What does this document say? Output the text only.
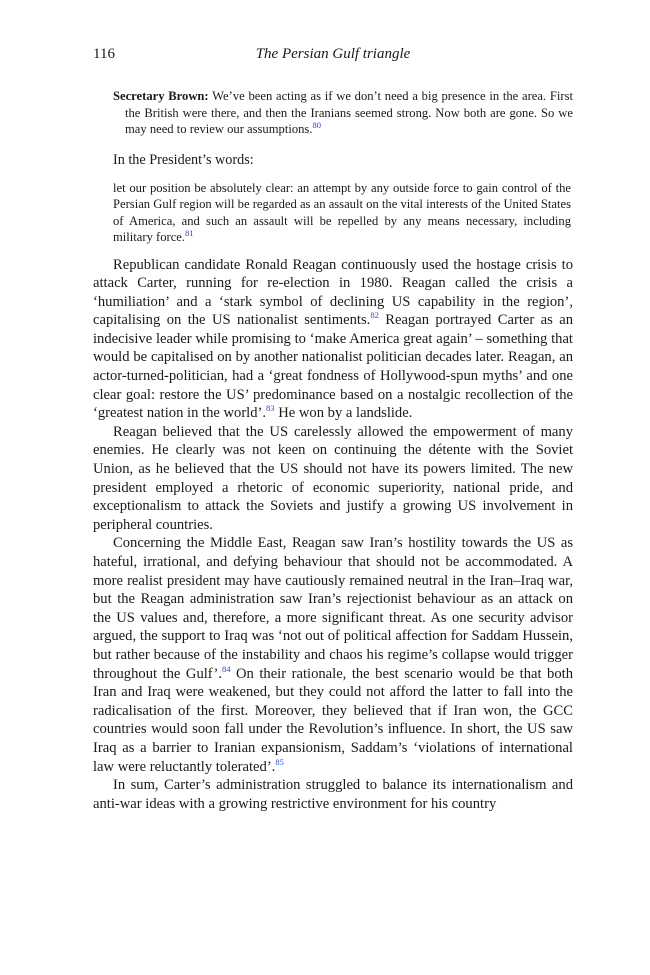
116	The Persian Gulf triangle
Secretary Brown: We’ve been acting as if we don’t need a big presence in the area. First the British were there, and then the Iranians seemed strong. Now both are gone. So we may need to review our assumptions.$^{80}$
In the President’s words:
let our position be absolutely clear: an attempt by any outside force to gain control of the Persian Gulf region will be regarded as an assault on the vital interests of the United States of America, and such an assault will be repelled by any means necessary, including military force.$^{81}$

Republican candidate Ronald Reagan continuously used the hostage crisis to attack Carter, running for re-election in 1980. Reagan called the crisis a ‘humiliation’ and a ‘stark symbol of declining US capability in the region’, capitalising on the US nationalist sentiments.$^{82}$ Reagan portrayed Carter as an indecisive leader while promising to ‘make America great again’ – something that would be capitalised on by another nationalist politician decades later. Reagan, an actor-turned-politician, had a ‘great fondness of Hollywood-spun myths’ and one clear goal: restore the US’ predominance based on a nostalgic recollection of the ‘greatest nation in the world’.$^{83}$ He won by a landslide.

Reagan believed that the US carelessly allowed the empowerment of many enemies. He clearly was not keen on continuing the détente with the Soviet Union, as he believed that the US should not have its powers limited. The new president employed a rhetoric of economic superiority, national pride, and exceptionalism to attack the Soviets and justify a growing US involvement in peripheral countries.

Concerning the Middle East, Reagan saw Iran’s hostility towards the US as hateful, irrational, and defying behaviour that should not be accommodated. A more realist president may have cautiously remained neutral in the Iran–Iraq war, but the Reagan administration saw Iran’s rejectionist behaviour as an attack on the US values and, therefore, a more significant threat. As one security advisor argued, the support to Iraq was ‘not out of political affection for Saddam Hussein, but rather because of the instability and chaos his regime’s collapse would trigger throughout the Gulf’.$^{84}$ On their rationale, the best scenario would be that both Iran and Iraq were weakened, but they could not afford the latter to fall into the radicalisation of the first. Moreover, they believed that if Iran won, the GCC countries would soon fall under the Revolution’s influence. In short, the US saw Iraq as a barrier to Iranian expansionism, Saddam’s ‘violations of international law were reluctantly tolerated’.$^{85}$

In sum, Carter’s administration struggled to balance its internationalism and anti-war ideas with a growing restrictive environment for his country
